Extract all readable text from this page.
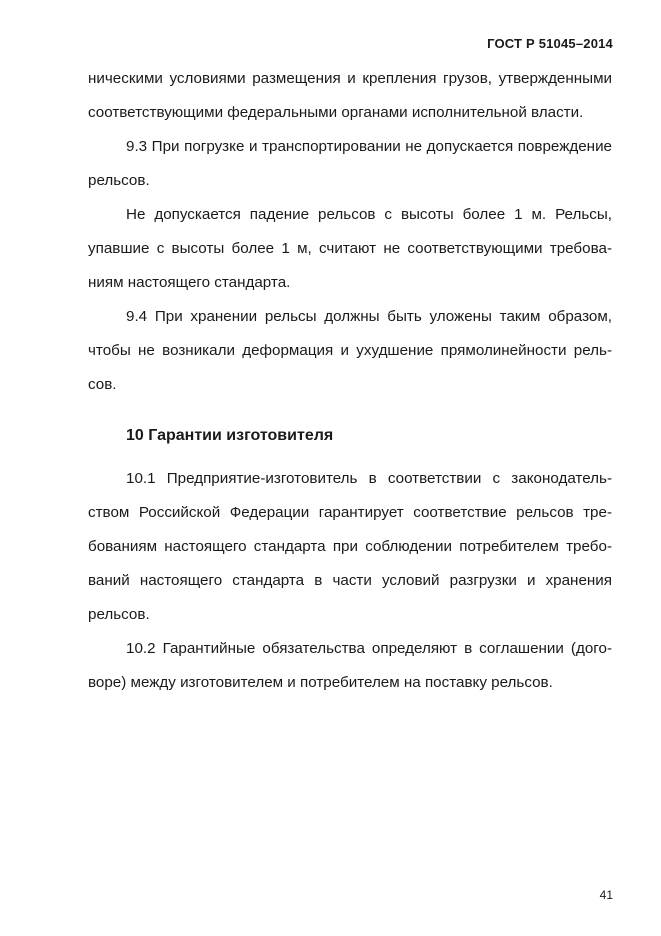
ГОСТ Р 51045–2014

ническими условиями размещения и крепления грузов, утвержденными соответствующими федеральными органами исполнительной власти.

9.3 При погрузке и транспортировании не допускается повреждение рельсов.

Не допускается падение рельсов с высоты более 1 м. Рельсы, упавшие с высоты более 1 м, считают не соответствующими требованиям настоящего стандарта.

9.4 При хранении рельсы должны быть уложены таким образом, чтобы не возникали деформация и ухудшение прямолинейности рельсов.

10 Гарантии изготовителя

10.1 Предприятие-изготовитель в соответствии с законодательством Российской Федерации гарантирует соответствие рельсов требованиям настоящего стандарта при соблюдении потребителем требований настоящего стандарта в части условий разгрузки и хранения рельсов.

10.2 Гарантийные обязательства определяют в соглашении (договоре) между изготовителем и потребителем на поставку рельсов.

41
